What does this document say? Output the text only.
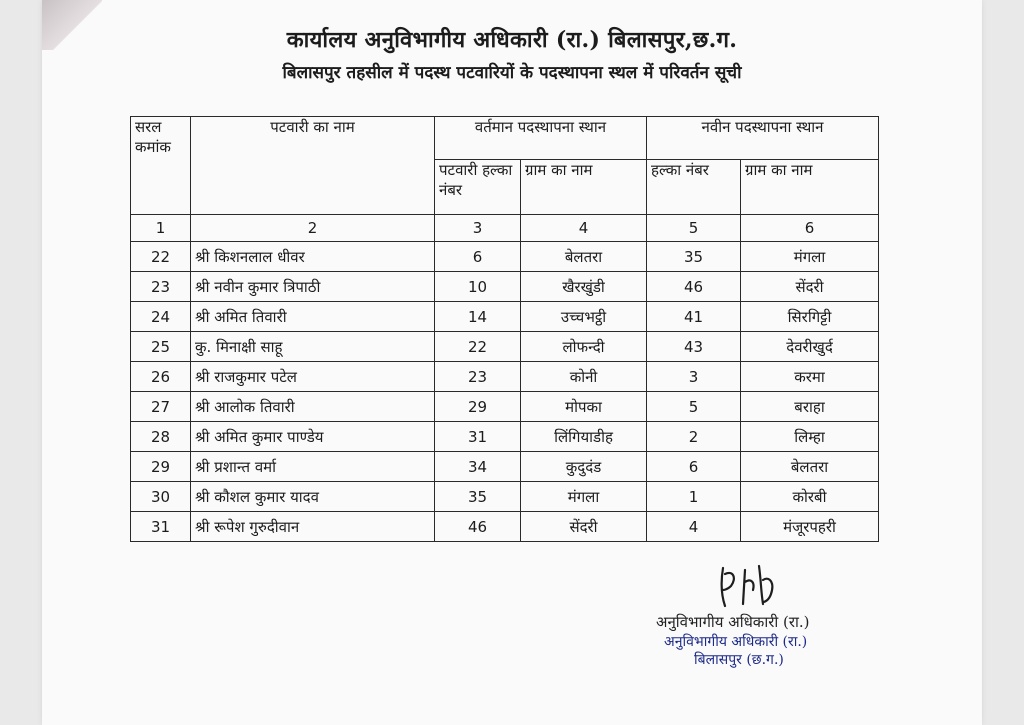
कार्यालय अनुविभागीय अधिकारी (रा.) बिलासपुर,छ.ग.
बिलासपुर तहसील में पदस्थ पटवारियों के पदस्थापना स्थल में परिवर्तन सूची
सरल कमांक	पटवारी का नाम	वर्तमान पदस्थापना स्थान		नवीन पदस्थापना स्थान	
		पटवारी हल्का नंबर	ग्राम का नाम	हल्का नंबर	ग्राम का नाम
1	2	3	4	5	6
22	श्री किशनलाल धीवर	6	बेलतरा	35	मंगला
23	श्री नवीन कुमार त्रिपाठी	10	खैरखुंडी	46	सेंदरी
24	श्री अमित तिवारी	14	उच्चभट्ठी	41	सिरगिट्टी
25	कु. मिनाक्षी साहू	22	लोफन्दी	43	देवरीखुर्द
26	श्री राजकुमार पटेल	23	कोनी	3	करमा
27	श्री आलोक तिवारी	29	मोपका	5	बराहा
28	श्री अमित कुमार पाण्डेय	31	लिंगियाडीह	2	लिम्हा
29	श्री प्रशान्त वर्मा	34	कुदुदंड	6	बेलतरा
30	श्री कौशल कुमार यादव	35	मंगला	1	कोरबी
31	श्री रूपेश गुरुदीवान	46	सेंदरी	4	मंजूरपहरी
अनुविभागीय अधिकारी (रा.)
अनुविभागीय अधिकारी (रा.)
बिलासपुर (छ.ग.)
